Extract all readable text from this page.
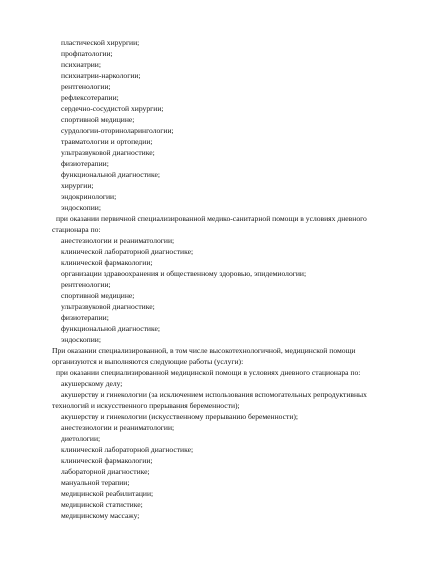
пластической хирургии;

профпатологии;

психиатрии;

психиатрии-наркологии;

рентгенологии;

рефлексотерапии;

сердечно-сосудистой хирургии;

спортивной медицине;

сурдологии-оториноларингологии;

травматологии и ортопедии;

ультразвуковой диагностике;

физиотерапии;

функциональной диагностике;

хирургии;

эндокринологии;

эндоскопии;

при оказании первичной специализированной медико-санитарной помощи в условиях дневного

стационара по:

анестезиологии и реаниматологии;

клинической лабораторной диагностике;

клинической фармакологии;

организации здравоохранения и общественному здоровью, эпидемиологии;

рентгенологии;

спортивной медицине;

ультразвуковой диагностике;

физиотерапии;

функциональной диагностике;

эндоскопии;

При оказании специализированной, в том числе высокотехнологичной, медицинской помощи

организуются и выполняются следующие работы (услуги):

при оказании специализированной медицинской помощи в условиях дневного стационара по:

акушерскому делу;

акушерству и гинекологии (за исключением использования вспомогательных репродуктивных

технологий и искусственного прерывания беременности);

акушерству и гинекологии (искусственному прерыванию беременности);

анестезиологии и реаниматологии;

диетологии;

клинической лабораторной диагностике;

клинической фармакологии;

лабораторной диагностике;

мануальной терапии;

медицинской реабилитации;

медицинской статистике;

медицинскому массажу;
